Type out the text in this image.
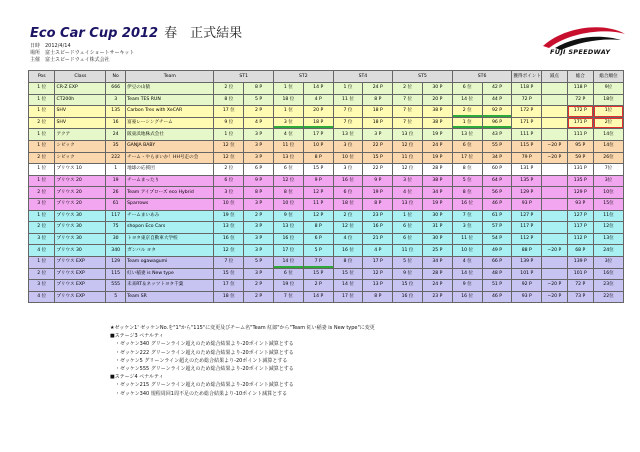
Eco Car Cup 2012 春　正式結果
日時　2012/4/14
場所　富士スピードウェイショートサーキット
主催　富士スピードウェイ株式会社
FUJI SPEEDWAY
Pos	Class	No	Team	ST1		ST2		ST4		ST5		ST6		獲得ポイント	減点	総合	総合順位
1 位	CR-Z EXP	666	伊豆の山猿	2 位	8 P	1 位	14 P	1 位	24 P	2 位	30 P	6 位	42 P	118 P		118 P	9位
1 位	CT200h	3	Team TES RUN	8 位	5 P	18 位	4 P	11 位	8 P	7 位	20 P	14 位	44 P	72 P		72 P	18位
1 位	SHV	135	Carbon Tres with XeCAR	17 位	2 P	1 位	20 P	7 位	18 P	7 位	38 P	2 位	92 P	172 P		172 P	1位
2 位	SHV	16	富豪レーシングチーム	9 位	4 P	3 位	18 P	7 位	18 P	7 位	38 P	1 位	96 P	171 P		171 P	2位
1 位	アクア	24	阪東浜地株式会社	1 位	3 P	4 位	17 P	13 位	3 P	13 位	19 P	13 位	43 P	111 P		111 P	14位
1 位	シビック	35	GANJA BABY	12 位	3 P	11 位	10 P	3 位	22 P	12 位	24 P	6 位	55 P	115 P	−20 P	95 P	14位
2 位	シビック	222	チーム・やらまいか！HH号走の会	12 位	3 P	13 位	8 P	10 位	15 P	11 位	19 P	17 位	34 P	79 P	−20 P	59 P	26位
1 位	プリウス 10	1	地球の応援団	2 位	6 P	6 位	15 P	3 位	22 P	12 位	28 P	8 位	60 P	131 P		131 P	7位
1 位	プリウス 20	19	チームまったり	6 位	9 P	12 位	9 P	16 位	9 P	3 位	38 P	5 位	64 P	135 P		135 P	3位
2 位	プリウス 20	26	Team アイプローズ eco Hybrid	3 位	8 P	8 位	12 P	6 位	19 P	4 位	34 P	8 位	56 P	129 P		129 P	10位
3 位	プリウス 20	61	Sparrows	10 位	3 P	10 位	11 P	18 位	8 P	13 位	19 P	16 位	46 P	93 P		93 P	15位
1 位	プリウス 30	117	チームまいあみ	19 位	2 P	9 位	12 P	2 位	23 P	1 位	30 P	7 位	61 P	127 P		127 P	11位
2 位	プリウス 30	75	shopon Eco Cars	13 位	3 P	13 位	8 P	12 位	16 P	6 位	31 P	3 位	57 P	117 P		117 P	12位
3 位	プリウス 30	30	トヨタ東京自動車大学校	16 位	3 P	16 位	6 P	4 位	21 P	6 位	30 P	11 位	54 P	112 P		112 P	13位
4 位	プリウス 30	340	ガンバル ヨタ	12 位	3 P	17 位	5 P	16 位	4 P	11 位	25 P	10 位	49 P	88 P	−20 P	68 P	24位
1 位	プリウス EXP	129	Team ogawagumi	7 位	5 P	14 位	7 P	8 位	17 P	5 位	34 P	4 位	66 P	139 P		139 P	3位
2 位	プリウス EXP	115	紅い稲妻 is New type	15 位	3 P	6 位	15 P	15 位	12 P	9 位	28 P	14 位	48 P	101 P		101 P	16位
3 位	プリウス EXP	555	未来RT＆ネッツトヨタ千葉	17 位	2 P	19 位	2 P	14 位	13 P	15 位	24 P	9 位	51 P	92 P	−20 P	72 P	23位
4 位	プリウス EXP	5	Team SR	18 位	2 P	7 位	14 P	17 位	8 P	16 位	23 P	16 位	46 P	93 P	−20 P	73 P	22位
★ゼッケン1' ゼッケンNo.を"1"から"115"に変更及びチーム名"Team 紅郎"から"Team 紅い稲妻 is New type"に変更
■ステージ3 ペナルティ
　・ゼッケン340 グリーンライン超えのため総合結果より-20ポイント減算とする
　・ゼッケン222 グリーンライン超えのため総合結果より-20ポイント減算とする
　・ゼッケン5 グリーンライン超えのため総合結果より-20ポイント減算とする
　・ゼッケン555 グリーンライン超えのため総合結果より-20ポイント減算とする
■ステージ4 ペナルティ
　・ゼッケン215 グリーンライン超えのため総合結果より-20ポイント減算とする
　・ゼッケン340 規程周回1周不足のため総合結果より-10ポイント減算とする
